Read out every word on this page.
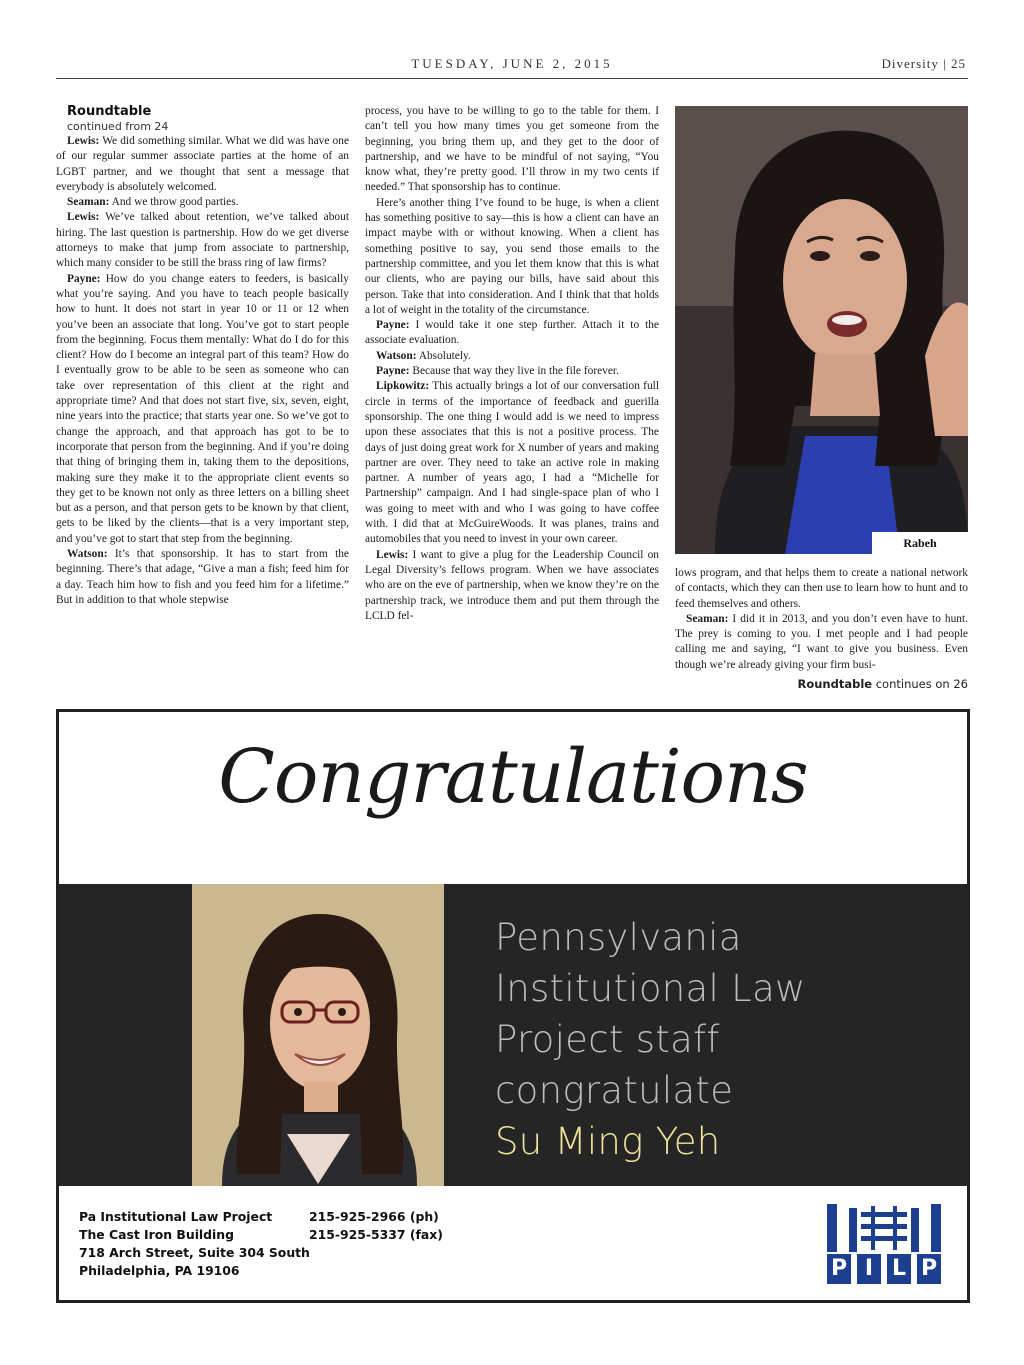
TUESDAY, JUNE 2, 2015	Diversity | 25

Roundtable

continued from 24

Lewis: We did something similar. What we did was have one of our regular summer associate parties at the home of an LGBT partner, and we thought that sent a message that everybody is absolutely welcomed.

Seaman: And we throw good parties.

Lewis: We’ve talked about retention, we’ve talked about hiring. The last question is partnership. How do we get diverse attorneys to make that jump from associate to partnership, which many consider to be still the brass ring of law firms?

Payne: How do you change eaters to feeders, is basically what you’re saying. And you have to teach people basically how to hunt. It does not start in year 10 or 11 or 12 when you’ve been an associate that long. You’ve got to start people from the beginning. Focus them mentally: What do I do for this client? How do I become an integral part of this team? How do I eventually grow to be able to be seen as someone who can take over representation of this client at the right and appropriate time? And that does not start five, six, seven, eight, nine years into the practice; that starts year one. So we’ve got to change the approach, and that approach has got to be to incorporate that person from the beginning. And if you’re doing that thing of bringing them in, taking them to the depositions, making sure they make it to the appropriate client events so they get to be known not only as three letters on a billing sheet but as a person, and that person gets to be known by that client, gets to be liked by the clients—that is a very important step, and you’ve got to start that step from the beginning.

Watson: It’s that sponsorship. It has to start from the beginning. There’s that adage, “Give a man a fish; feed him for a day. Teach him how to fish and you feed him for a lifetime.” But in addition to that whole stepwise

process, you have to be willing to go to the table for them. I can’t tell you how many times you get someone from the beginning, you bring them up, and they get to the door of partnership, and we have to be mindful of not saying, “You know what, they’re pretty good. I’ll throw in my two cents if needed.” That sponsorship has to continue.

Here’s another thing I’ve found to be huge, is when a client has something positive to say—this is how a client can have an impact maybe with or without knowing. When a client has something positive to say, you send those emails to the partnership committee, and you let them know that this is what our clients, who are paying our bills, have said about this person. Take that into consideration. And I think that that holds a lot of weight in the totality of the circumstance.

Payne: I would take it one step further. Attach it to the associate evaluation.

Watson: Absolutely.

Payne: Because that way they live in the file forever.

Lipkowitz: This actually brings a lot of our conversation full circle in terms of the importance of feedback and guerilla sponsorship. The one thing I would add is we need to impress upon these associates that this is not a positive process. The days of just doing great work for X number of years and making partner are over. They need to take an active role in making partner. A number of years ago, I had a “Michelle for Partnership” campaign. And I had single-space plan of who I was going to meet with and who I was going to have coffee with. I did that at McGuireWoods. It was planes, trains and automobiles that you need to invest in your own career.

Lewis: I want to give a plug for the Leadership Council on Legal Diversity’s fellows program. When we have associates who are on the eve of partnership, when we know they’re on the partnership track, we introduce them and put them through the LCLD fel-

Rabeh

lows program, and that helps them to create a national network of contacts, which they can then use to learn how to hunt and to feed themselves and others.

Seaman: I did it in 2013, and you don’t even have to hunt. The prey is coming to you. I met people and I had people calling me and saying, “I want to give you business. Even though we’re already giving your firm busi-

Roundtable continues on 26
Congratulations
Pennsylvania
Institutional Law
Project staff
congratulate
Su Ming Yeh
Pa Institutional Law Project
The Cast Iron Building
718 Arch Street, Suite 304 South
Philadelphia, PA 19106
215-925-2966 (ph)
215-925-5337 (fax)
P I L P
